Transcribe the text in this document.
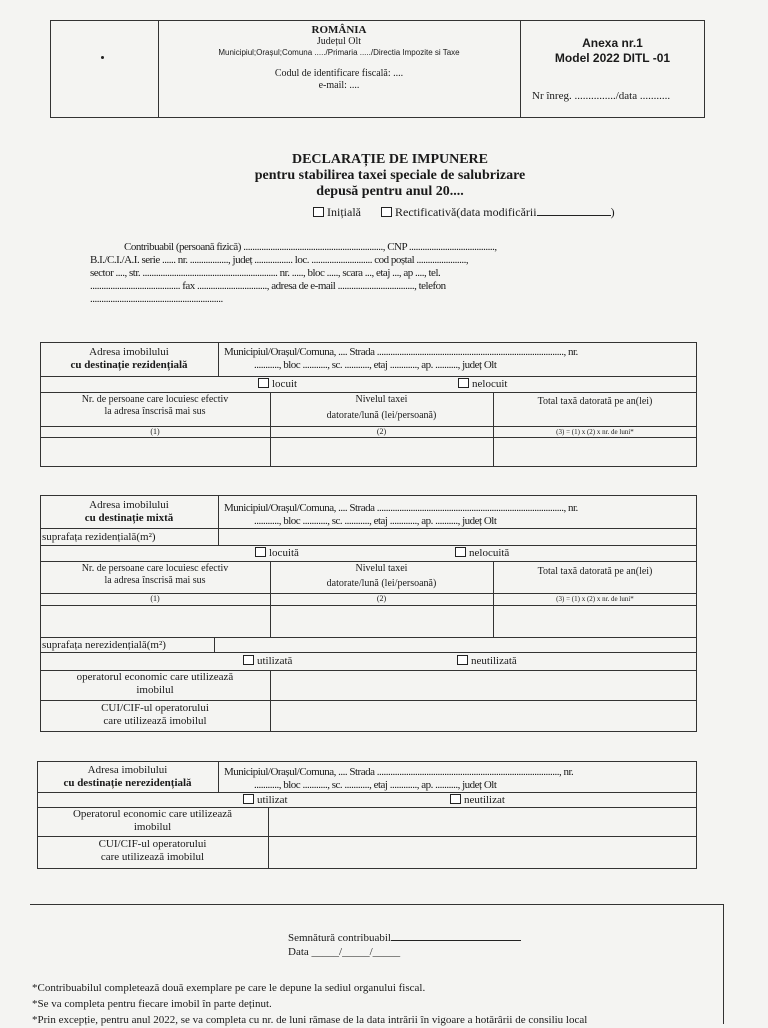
ROMÂNIA
Județul Olt
Municipiul;Orașul;Comuna ...../Primaria ...../Directia Impozite si Taxe
Codul de identificare fiscală: ....
e-mail: ....
Anexa nr.1
Model 2022 DITL -01
Nr înreg. .............../data ...........
DECLARAȚIE DE IMPUNERE
pentru stabilirea taxei speciale de salubrizare
depusă pentru anul 20....
Inițială	Rectificativă(data modificării	)
Contribuabil (persoană fizică) .............................................................., CNP ......................................,
B.I./C.I./A.I. serie ...... nr. ................., județ ................. loc. ........................... cod poștal ......................,
sector ...., str. ............................................................ nr. ....., bloc ....., scara ..., etaj ..., ap ...., tel.
........................................ fax ..............................., adresa de e-mail .................................., telefon
...........................................................
Adresa imobilului
cu destinație rezidențială
Municipiul/Orașul/Comuna, .... Strada ..................................................................................., nr.
..........., bloc ..........., sc. ..........., etaj ............, ap. .........., județ Olt
locuit	nelocuit
Nr. de persoane care locuiesc efectiv
la adresa înscrisă mai sus
Nivelul taxei
datorate/lună (lei/persoană)
Total taxă datorată pe an(lei)
(1)	(2)	(3) = (1) x (2) x nr. de luni*
Adresa imobilului
cu destinație mixtă
Municipiul/Orașul/Comuna, .... Strada ..................................................................................., nr.
..........., bloc ..........., sc. ..........., etaj ............, ap. .........., județ Olt
suprafața rezidențială(m²)
locuită	nelocuită
Nr. de persoane care locuiesc efectiv
la adresa înscrisă mai sus
Nivelul taxei
datorate/lună (lei/persoană)
Total taxă datorată pe an(lei)
(1)	(2)	(3) = (1) x (2) x nr. de luni*
suprafața nerezidențială(m²)
utilizată	neutilizată
operatorul economic care utilizează
imobilul
CUI/CIF-ul operatorului
care utilizează imobilul
Adresa imobilului
cu destinație nerezidențială
Municipiul/Orașul/Comuna, .... Strada ................................................................................., nr.
..........., bloc ..........., sc. ..........., etaj ............, ap. .........., județ Olt
utilizat	neutilizat
Operatorul economic care utilizează
imobilul
CUI/CIF-ul operatorului
care utilizează imobilul
Semnătură contribuabil
Data _____/_____/_____
*Contribuabilul completează două exemplare pe care le depune la sediul organului fiscal.
*Se va completa pentru fiecare imobil în parte deținut.
*Prin excepție, pentru anul 2022, se va completa cu nr. de luni rămase de la data intrării în vigoare a hotărârii de consiliu local
